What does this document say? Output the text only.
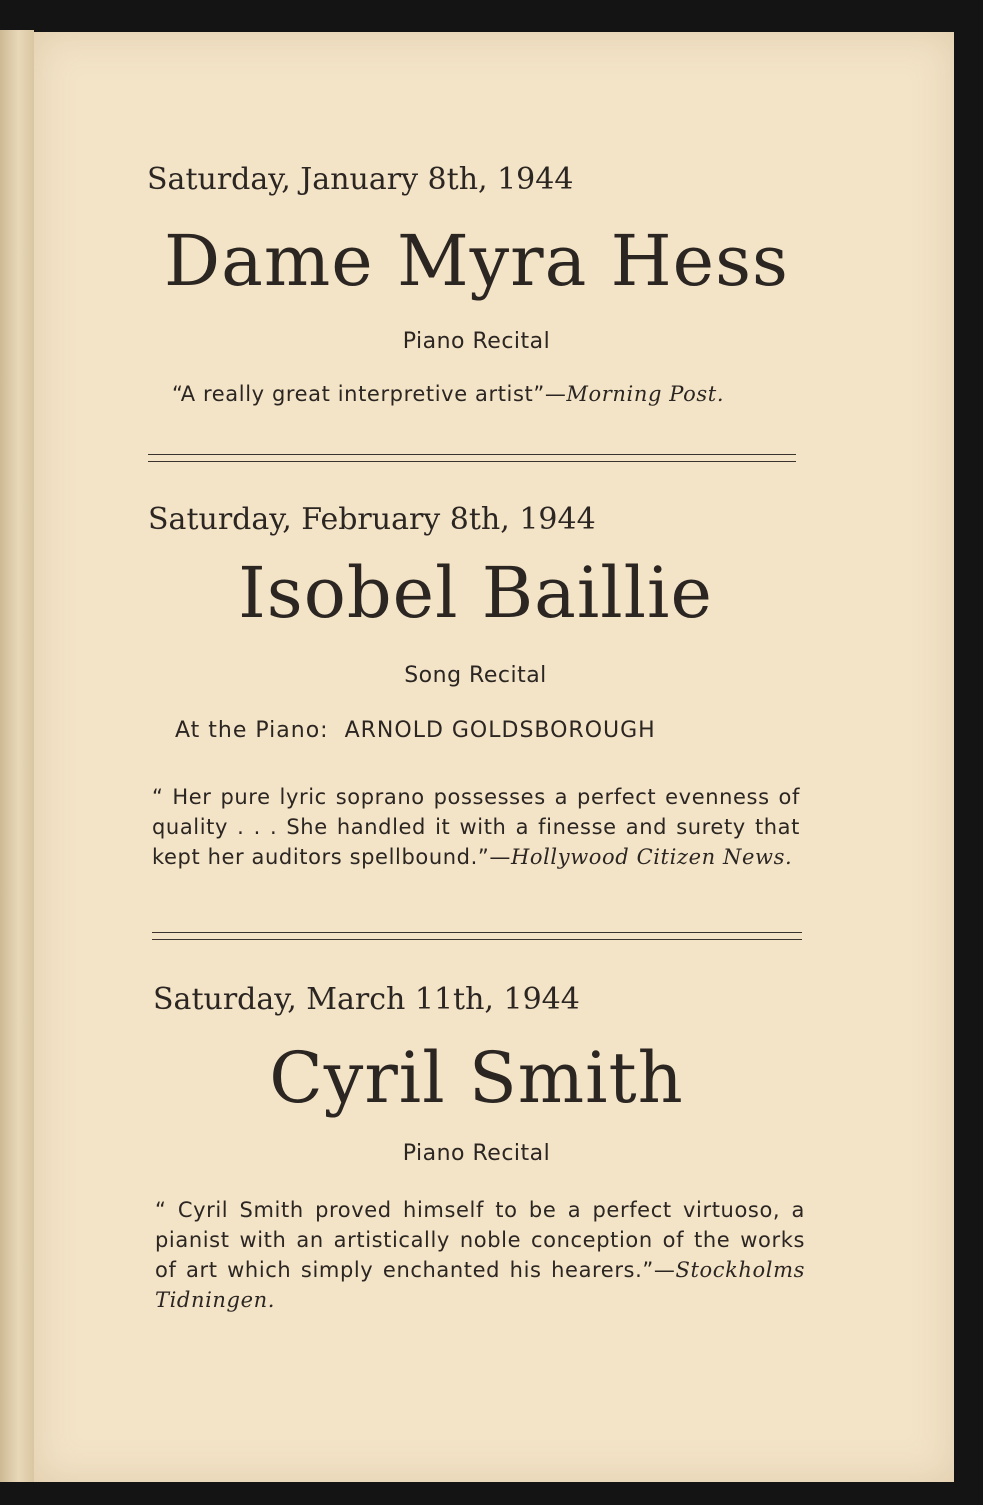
Saturday, January 8th, 1944
Dame Myra Hess
Piano Recital
“A really great interpretive artist”—Morning Post.
Saturday, February 8th, 1944
Isobel Baillie
Song Recital
At the Piano: ARNOLD GOLDSBOROUGH
“ Her pure lyric soprano possesses a perfect evenness of quality . . . She handled it with a finesse and surety that kept her auditors spellbound.”—Hollywood Citizen News.
Saturday, March 11th, 1944
Cyril Smith
Piano Recital
“ Cyril Smith proved himself to be a perfect virtuoso, a pianist with an artistically noble conception of the works of art which simply enchanted his hearers.”—Stockholms Tidningen.
